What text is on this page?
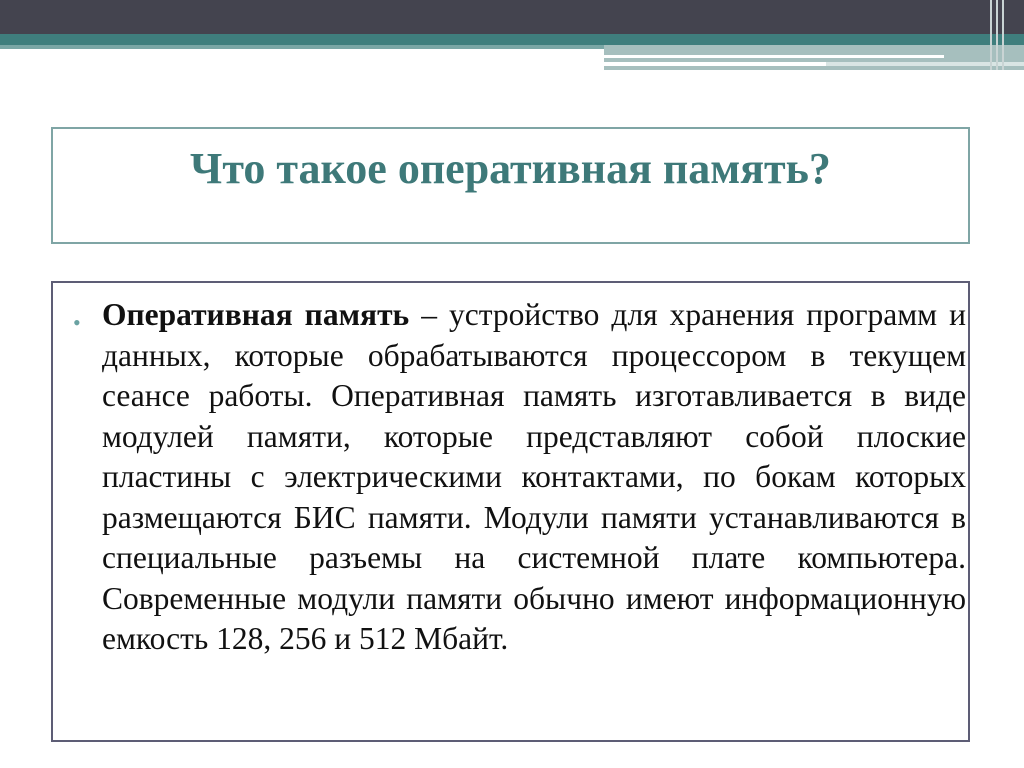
Что такое оперативная память?
• Оперативная память – устройство для хранения программ и данных, которые обрабатываются процессором в текущем сеансе работы. Оперативная память изготавливается в виде модулей памяти, которые представляют собой плоские пластины с электрическими контактами, по бокам которых размещаются БИС памяти. Модули памяти устанавливаются в специальные разъемы на системной плате компьютера. Современные модули памяти обычно имеют информационную емкость 128, 256 и 512 Мбайт.
